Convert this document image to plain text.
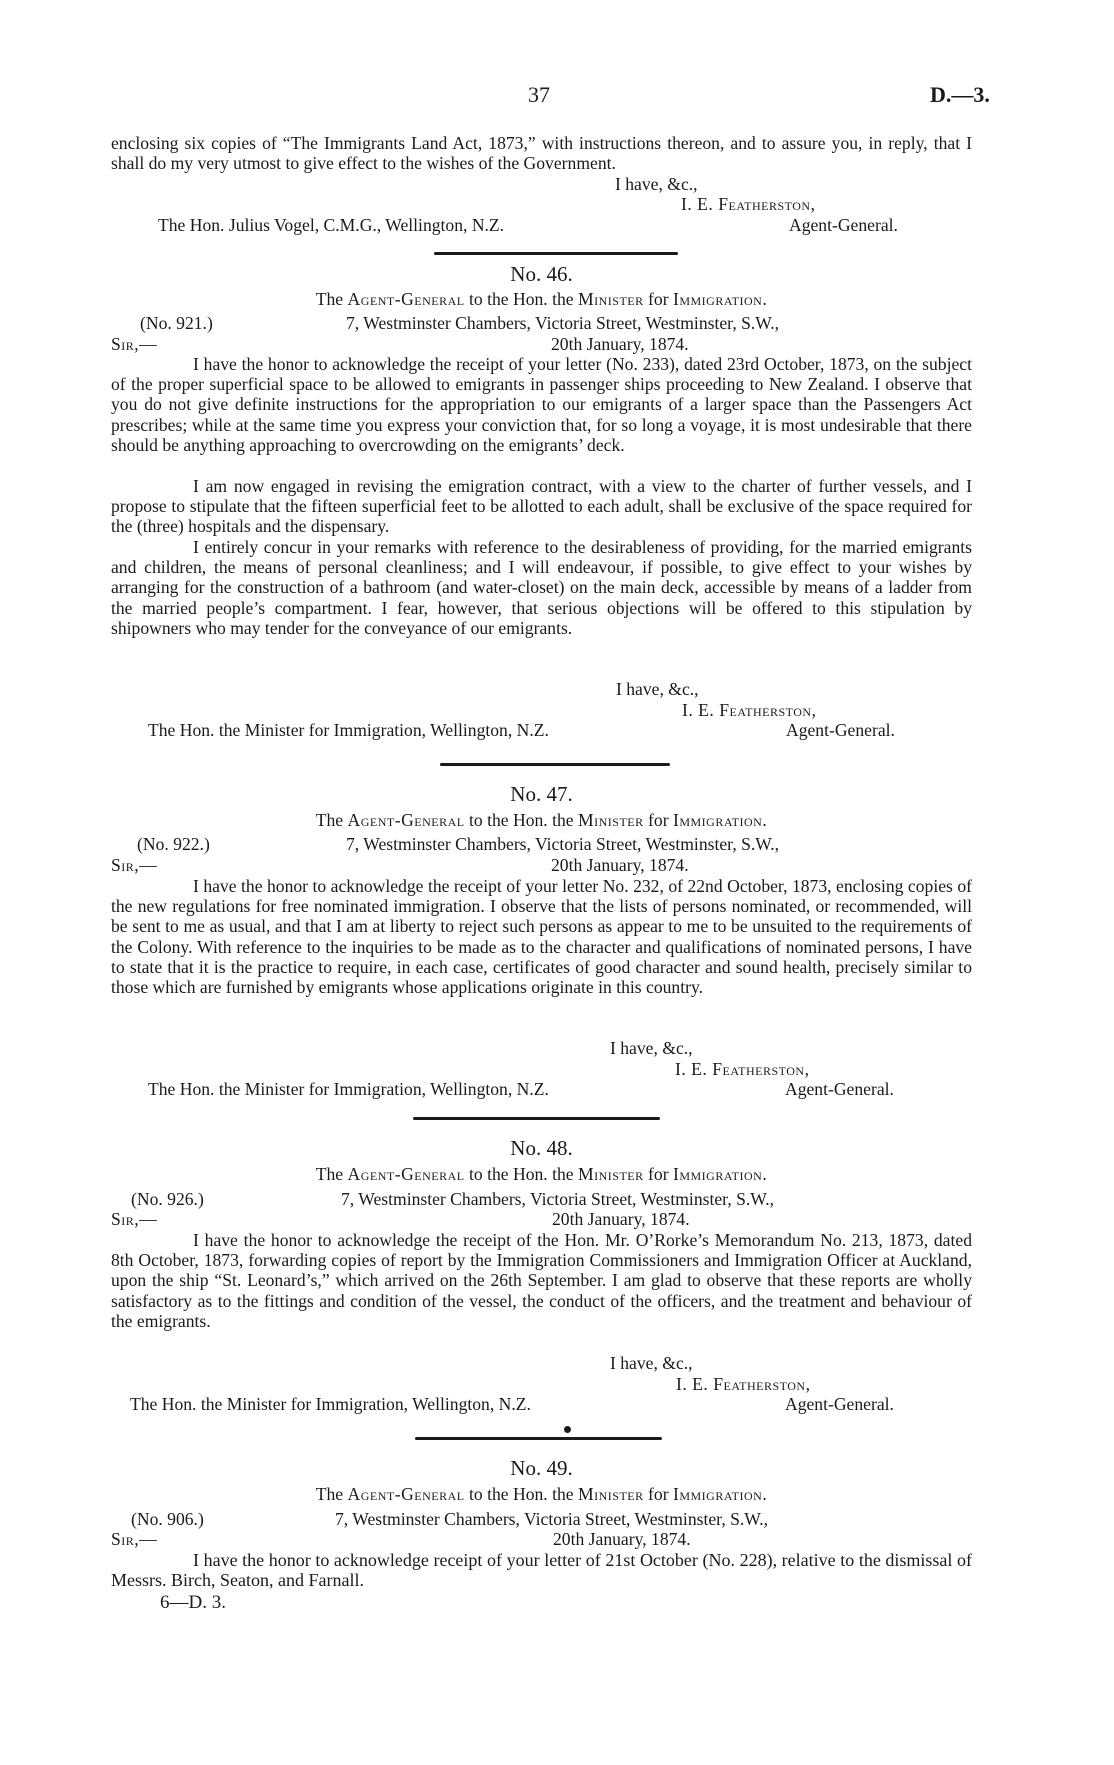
37	D.—3.

enclosing six copies of “The Immigrants Land Act, 1873,” with instructions thereon, and to assure you, in reply, that I shall do my very utmost to give effect to the wishes of the Government.

I have, &c.,
I. E. Featherston,
The Hon. Julius Vogel, C.M.G., Wellington, N.Z.	Agent-General.
No. 46.
The Agent-General to the Hon. the Minister for Immigration.
(No. 921.)	7, Westminster Chambers, Victoria Street, Westminster, S.W.,
Sir,—	20th January, 1874.

I have the honor to acknowledge the receipt of your letter (No. 233), dated 23rd October, 1873, on the subject of the proper superficial space to be allowed to emigrants in passenger ships proceeding to New Zealand. I observe that you do not give definite instructions for the appropriation to our emigrants of a larger space than the Passengers Act prescribes; while at the same time you express your conviction that, for so long a voyage, it is most undesirable that there should be anything approaching to overcrowding on the emigrants’ deck.

I am now engaged in revising the emigration contract, with a view to the charter of further vessels, and I propose to stipulate that the fifteen superficial feet to be allotted to each adult, shall be exclusive of the space required for the (three) hospitals and the dispensary.

I entirely concur in your remarks with reference to the desirableness of providing, for the married emigrants and children, the means of personal cleanliness; and I will endeavour, if possible, to give effect to your wishes by arranging for the construction of a bathroom (and water-closet) on the main deck, accessible by means of a ladder from the married people’s compartment. I fear, however, that serious objections will be offered to this stipulation by shipowners who may tender for the conveyance of our emigrants.

I have, &c.,
I. E. Featherston,
The Hon. the Minister for Immigration, Wellington, N.Z.	Agent-General.
No. 47.
The Agent-General to the Hon. the Minister for Immigration.
(No. 922.)	7, Westminster Chambers, Victoria Street, Westminster, S.W.,
Sir,—	20th January, 1874.

I have the honor to acknowledge the receipt of your letter No. 232, of 22nd October, 1873, enclosing copies of the new regulations for free nominated immigration. I observe that the lists of persons nominated, or recommended, will be sent to me as usual, and that I am at liberty to reject such persons as appear to me to be unsuited to the requirements of the Colony. With reference to the inquiries to be made as to the character and qualifications of nominated persons, I have to state that it is the practice to require, in each case, certificates of good character and sound health, precisely similar to those which are furnished by emigrants whose applications originate in this country.

I have, &c.,
I. E. Featherston,
The Hon. the Minister for Immigration, Wellington, N.Z.	Agent-General.
No. 48.
The Agent-General to the Hon. the Minister for Immigration.
(No. 926.)	7, Westminster Chambers, Victoria Street, Westminster, S.W.,
Sir,—	20th January, 1874.

I have the honor to acknowledge the receipt of the Hon. Mr. O’Rorke’s Memorandum No. 213, 1873, dated 8th October, 1873, forwarding copies of report by the Immigration Commissioners and Immigration Officer at Auckland, upon the ship “St. Leonard’s,” which arrived on the 26th September. I am glad to observe that these reports are wholly satisfactory as to the fittings and condition of the vessel, the conduct of the officers, and the treatment and behaviour of the emigrants.

I have, &c.,
I. E. Featherston,
The Hon. the Minister for Immigration, Wellington, N.Z.	Agent-General.
No. 49.
The Agent-General to the Hon. the Minister for Immigration.
(No. 906.)	7, Westminster Chambers, Victoria Street, Westminster, S.W.,
Sir,—	20th January, 1874.

I have the honor to acknowledge receipt of your letter of 21st October (No. 228), relative to the dismissal of Messrs. Birch, Seaton, and Farnall.

6—D. 3.
